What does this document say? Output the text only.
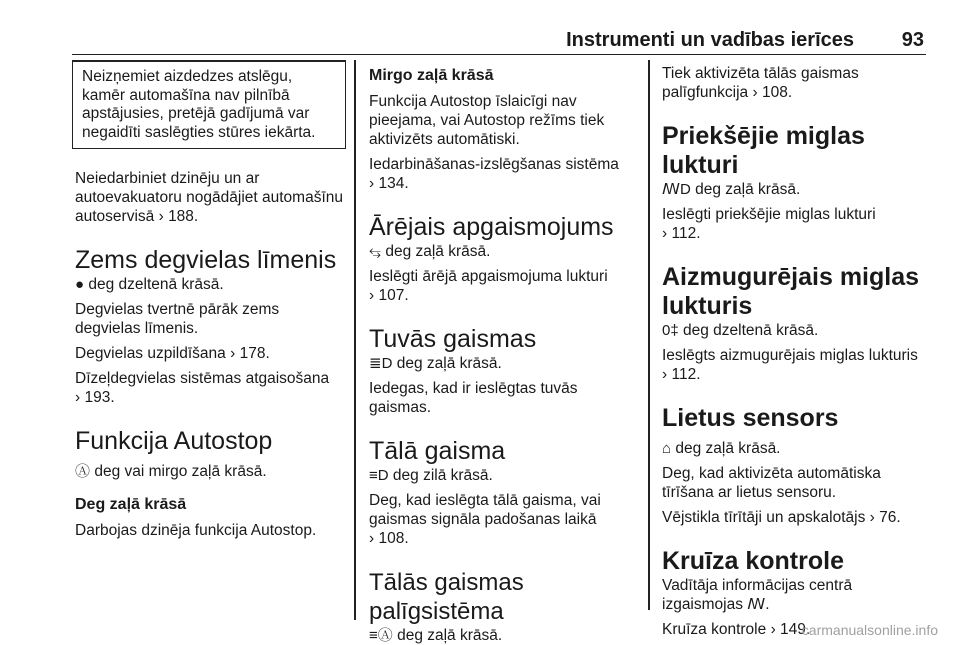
Instrumenti un vadības ierīces 93
Neizņemiet aizdedzes atslēgu, kamēr automašīna nav pilnībā apstājusies, pretējā gadījumā var negaidīti saslēgties stūres iekārta.

Neiedarbiniet dzinēju un ar autoevakuatoru nogādājiet automašīnu autoservisā › 188.

Zems degvielas līmenis

● deg dzeltenā krāsā.

Degvielas tvertnē pārāk zems degvielas līmenis.

Degvielas uzpildīšana › 178.

Dīzeļdegvielas sistēmas atgaisošana
› 193.

Funkcija Autostop

Ⓐ deg vai mirgo zaļā krāsā.

Deg zaļā krāsā

Darbojas dzinēja funkcija Autostop.

Mirgo zaļā krāsā

Funkcija Autostop īslaicīgi nav pieejama, vai Autostop režīms tiek aktivizēts automātiski.

Iedarbināšanas-izslēgšanas sistēma
› 134.

Ārējais apgaismojums

⥃ deg zaļā krāsā.

Ieslēgti ārējā apgaismojuma lukturi
› 107.

Tuvās gaismas

≣D deg zaļā krāsā.

Iedegas, kad ir ieslēgtas tuvās gaismas.

Tālā gaisma

≡D deg zilā krāsā.

Deg, kad ieslēgta tālā gaisma, vai gaismas signāla padošanas laikā
› 108.

Tālās gaismas palīgsistēma

≡Ⓐ deg zaļā krāsā.

Tiek aktivizēta tālās gaismas palīgfunkcija › 108.

Priekšējie miglas lukturi

ꟿD deg zaļā krāsā.

Ieslēgti priekšējie miglas lukturi
› 112.

Aizmugurējais miglas lukturis

0‡ deg dzeltenā krāsā.

Ieslēgts aizmugurējais miglas lukturis
› 112.

Lietus sensors

⌂ deg zaļā krāsā.

Deg, kad aktivizēta automātiska tīrīšana ar lietus sensoru.

Vējstikla tīrītāji un apskalotājs › 76.

Kruīza kontrole

Vadītāja informācijas centrā izgaismojas ꟿ.

Kruīza kontrole › 149.

carmanualsonline.info
